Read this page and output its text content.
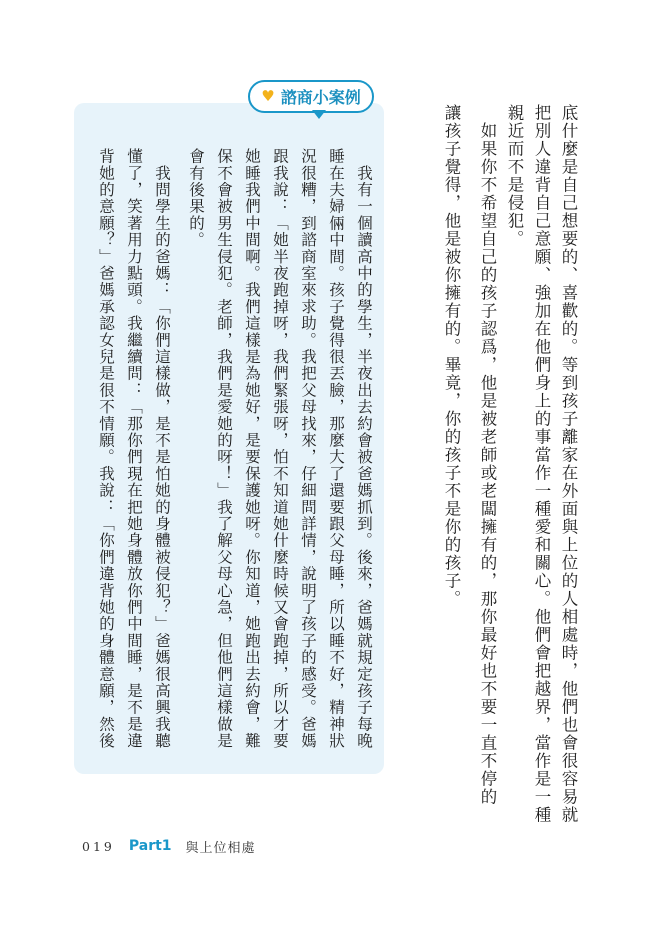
底什麼是自己想要的、喜歡的。等到孩子離家在外面與上位的人相處時，他們也會很容易就
把別人違背自己意願、強加在他們身上的事當作一種愛和關心。他們會把越界，當作是一種
親近而不是侵犯。
　如果你不希望自己的孩子認爲，他是被老師或老闆擁有的，那你最好也不要一直不停的
讓孩子覺得，他是被你擁有的。畢竟，你的孩子不是你的孩子。
♥ 諮商小案例
　我有一個讀高中的學生，半夜出去約會被爸媽抓到。後來，爸媽就規定孩子每晚
睡在夫婦倆中間。孩子覺得很丟臉，那麼大了還要跟父母睡，所以睡不好，精神狀
況很糟，到諮商室來求助。我把父母找來，仔細問詳情，說明了孩子的感受。爸媽
跟我說：「她半夜跑掉呀，我們緊張呀，怕不知道她什麼時候又會跑掉，所以才要
她睡我們中間啊。我們這樣是為她好，是要保護她呀。你知道，她跑出去約會，難
保不會被男生侵犯。老師，我們是愛她的呀！」我了解父母心急，但他們這樣做是
會有後果的。
　我問學生的爸媽：「你們這樣做，是不是怕她的身體被侵犯？」爸媽很高興我聽
懂了，笑著用力點頭。我繼續問：「那你們現在把她身體放你們中間睡，是不是違
背她的意願？」爸媽承認女兒是很不情願。我說：「你們違背她的身體意願，然後
019 Part1 與上位相處
